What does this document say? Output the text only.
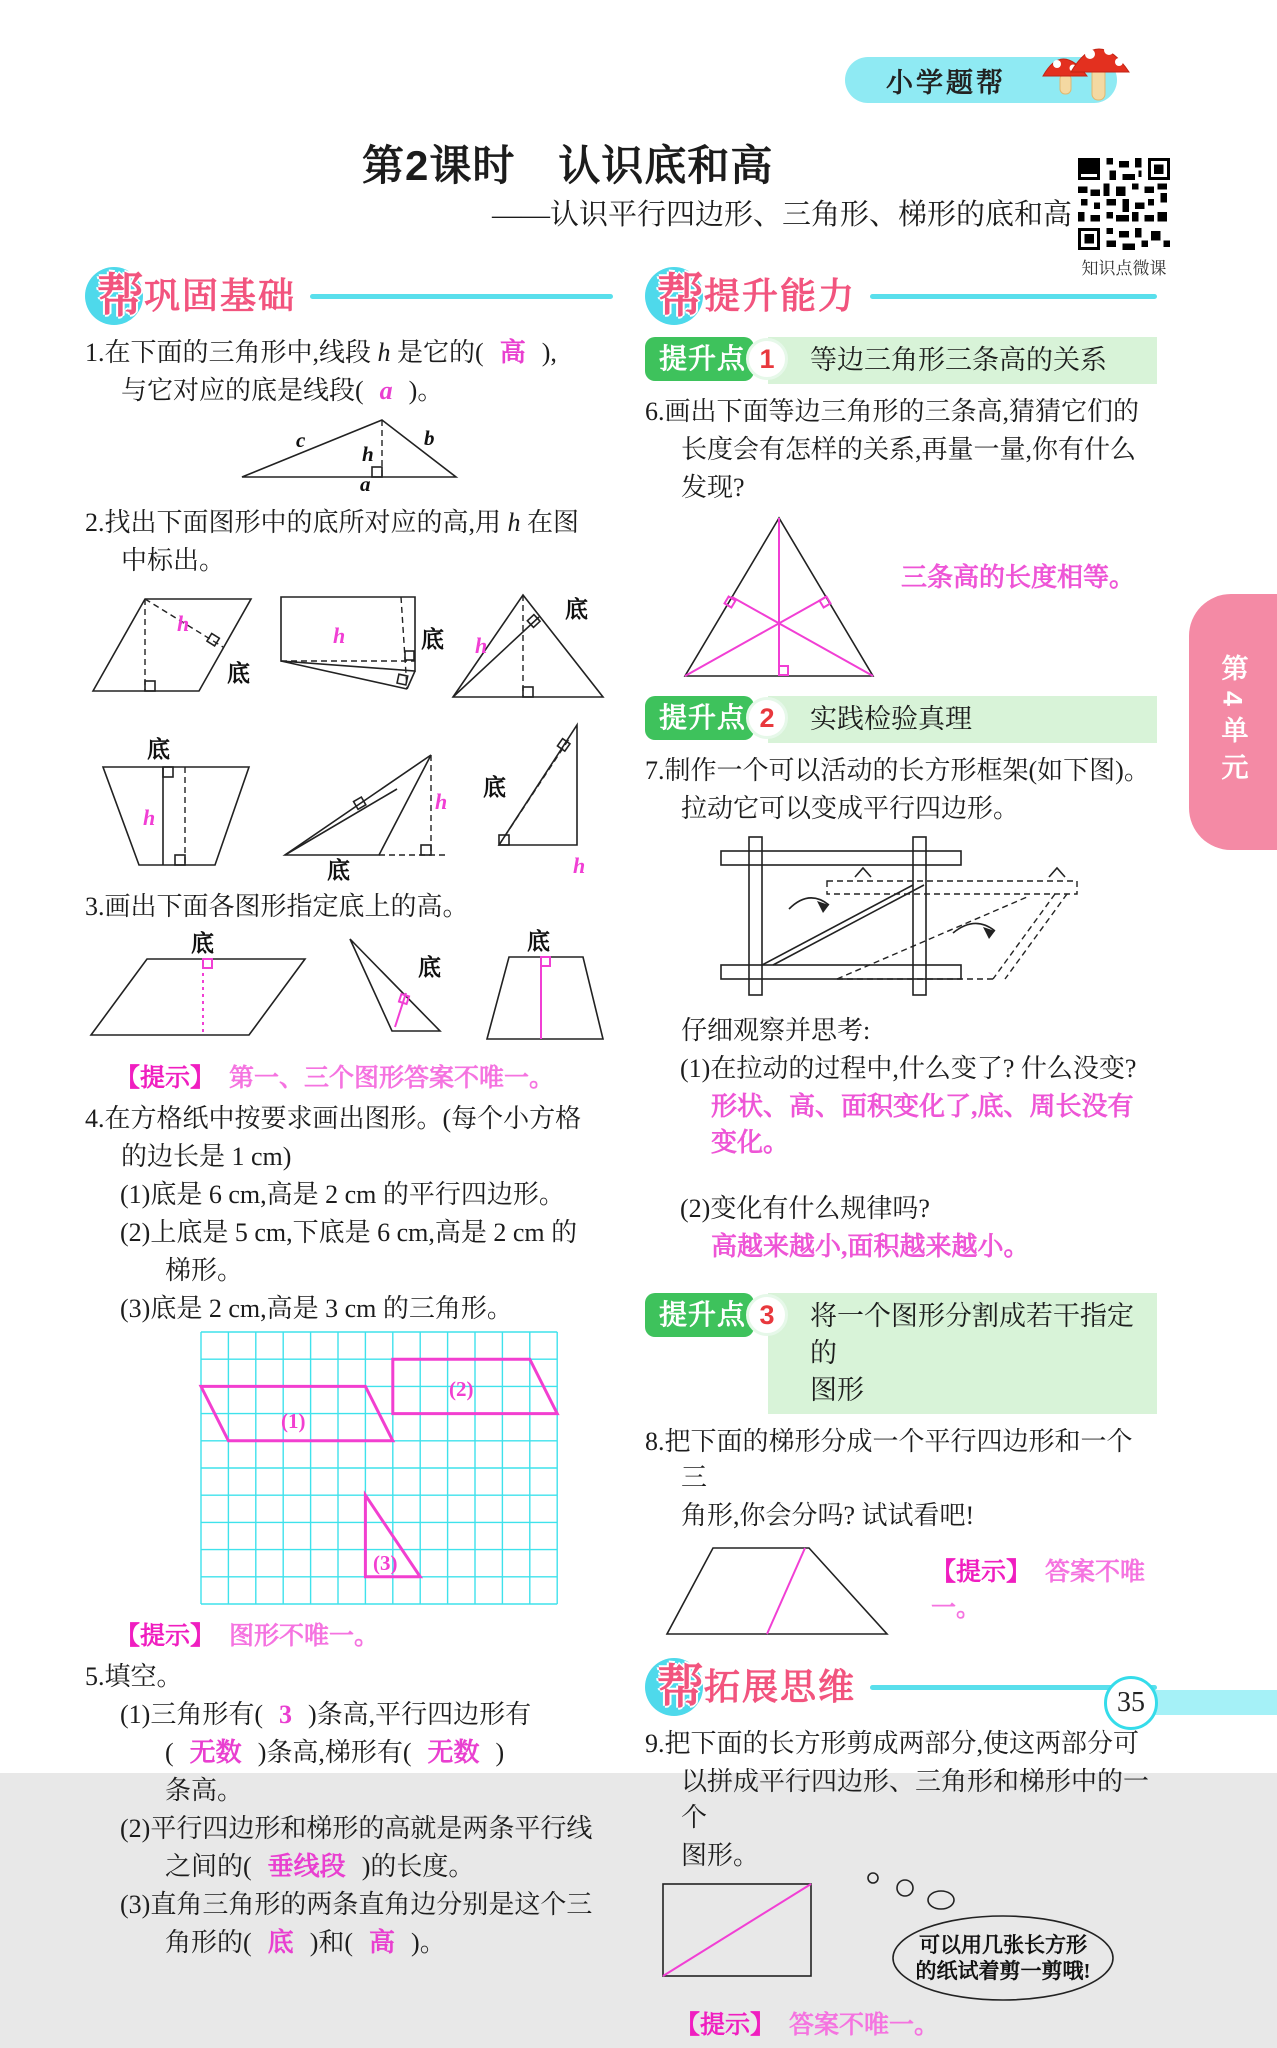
小学题帮
第2课时　认识底和高
——认识平行四边形、三角形、梯形的底和高
知识点微课
第4单元
35
帮 巩固基础
1.在下面的三角形中,线段 h 是它的( 高 ),
与它对应的底是线段( a )。
c
h
b
a
2.找出下面图形中的底所对应的高,用 h 在图
中标出。
h
底
h	底 h
底
底
h
h
底
底
h
3.画出下面各图形指定底上的高。
底
底
底
【提示】 第一、三个图形答案不唯一。
4.在方格纸中按要求画出图形。(每个小方格
的边长是 1 cm)
(1)底是 6 cm,高是 2 cm 的平行四边形。
(2)上底是 5 cm,下底是 6 cm,高是 2 cm 的
梯形。
(3)底是 2 cm,高是 3 cm 的三角形。
(1)
(2)
(3)
【提示】 图形不唯一。
5.填空。
(1)三角形有( 3 )条高,平行四边形有
( 无数 )条高,梯形有( 无数 )
条高。
(2)平行四边形和梯形的高就是两条平行线
之间的( 垂线段 )的长度。
(3)直角三角形的两条直角边分别是这个三
角形的( 底 )和( 高 )。
帮 提升能力
提升点 1	等边三角形三条高的关系
6.画出下面等边三角形的三条高,猜猜它们的
长度会有怎样的关系,再量一量,你有什么
发现?
三条高的长度相等。
提升点 2	实践检验真理
7.制作一个可以活动的长方形框架(如下图)。
拉动它可以变成平行四边形。
仔细观察并思考:
(1)在拉动的过程中,什么变了? 什么没变?
形状、高、面积变化了,底、周长没有变化。
(2)变化有什么规律吗?
高越来越小,面积越来越小。
提升点 3	将一个图形分割成若干指定的
图形
8.把下面的梯形分成一个平行四边形和一个三
角形,你会分吗? 试试看吧!
【提示】 答案不唯一。
帮 拓展思维
9.把下面的长方形剪成两部分,使这两部分可
以拼成平行四边形、三角形和梯形中的一个
图形。
可以用几张长方形
的纸试着剪一剪哦!
【提示】 答案不唯一。
